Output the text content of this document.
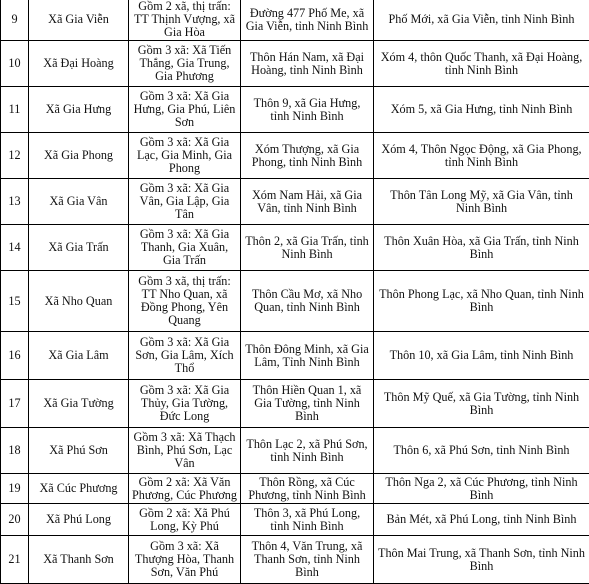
9	Xã Gia Viễn	Gồm 2 xã, thị trấn: TT Thịnh Vượng, xã Gia Hòa	Đường 477 Phố Me, xã Gia Viễn, tỉnh Ninh Bình	Phố Mới, xã Gia Viễn, tỉnh Ninh Bình
10	Xã Đại Hoàng	Gồm 3 xã: Xã Tiến Thắng, Gia Trung, Gia Phương	Thôn Hán Nam, xã Đại Hoàng, tỉnh Ninh Bình	Xóm 4, thôn Quốc Thanh, xã Đại Hoàng, tỉnh Ninh Bình
11	Xã Gia Hưng	Gồm 3 xã: Xã Gia Hưng, Gia Phú, Liên Sơn	Thôn 9, xã Gia Hưng, tỉnh Ninh Bình	Xóm 5, xã Gia Hưng, tỉnh Ninh Bình
12	Xã Gia Phong	Gồm 3 xã: Xã Gia Lạc, Gia Minh, Gia Phong	Xóm Thượng, xã Gia Phong, tỉnh Ninh Bình	Xóm 4, Thôn Ngọc Động, xã Gia Phong, tỉnh Ninh Bình
13	Xã Gia Vân	Gồm 3 xã: Xã Gia Vân, Gia Lập, Gia Tân	Xóm Nam Hải, xã Gia Vân, tỉnh Ninh Bình	Thôn Tân Long Mỹ, xã Gia Vân, tỉnh Ninh Bình
14	Xã Gia Trấn	Gồm 3 xã: Xã Gia Thanh, Gia Xuân, Gia Trấn	Thôn 2, xã Gia Trấn, tỉnh Ninh Bình	Thôn Xuân Hòa, xã Gia Trấn, tỉnh Ninh Bình
15	Xã Nho Quan	Gồm 3 xã, thị trấn: TT Nho Quan, xã Đồng Phong, Yên Quang	Thôn Cầu Mơ, xã Nho Quan, tỉnh Ninh Bình	Thôn Phong Lạc, xã Nho Quan, tỉnh Ninh Bình
16	Xã Gia Lâm	Gồm 3 xã: Xã Gia Sơn, Gia Lâm, Xích Thổ	Thôn Đông Minh, xã Gia Lâm, Tỉnh Ninh Bình	Thôn 10, xã Gia Lâm, tỉnh Ninh Bình
17	Xã Gia Tường	Gồm 3 xã: Xã Gia Thủy, Gia Tường, Đức Long	Thôn Hiền Quan 1, xã Gia Tường, tỉnh Ninh Bình	Thôn Mỹ Quế, xã Gia Tường, tỉnh Ninh Bình
18	Xã Phú Sơn	Gồm 3 xã: Xã Thạch Bình, Phú Sơn, Lạc Vân	Thôn Lạc 2, xã Phú Sơn, tỉnh Ninh Bình	Thôn 6, xã Phú Sơn, tỉnh Ninh Bình
19	Xã Cúc Phương	Gồm 2 xã: Xã Văn Phương, Cúc Phương	Thôn Rồng, xã Cúc Phương, tỉnh Ninh Bình	Thôn Nga 2, xã Cúc Phương, tỉnh Ninh Bình
20	Xã Phú Long	Gồm 2 xã: Xã Phú Long, Kỳ Phú	Thôn 3, xã Phú Long, tỉnh Ninh Bình	Bản Mét, xã Phú Long, tỉnh Ninh Bình
21	Xã Thanh Sơn	Gồm 3 xã: Xã Thượng Hòa, Thanh Sơn, Văn Phú	Thôn 4, Văn Trung, xã Thanh Sơn, tỉnh Ninh Bình	Thôn Mai Trung, xã Thanh Sơn, tỉnh Ninh Bình
